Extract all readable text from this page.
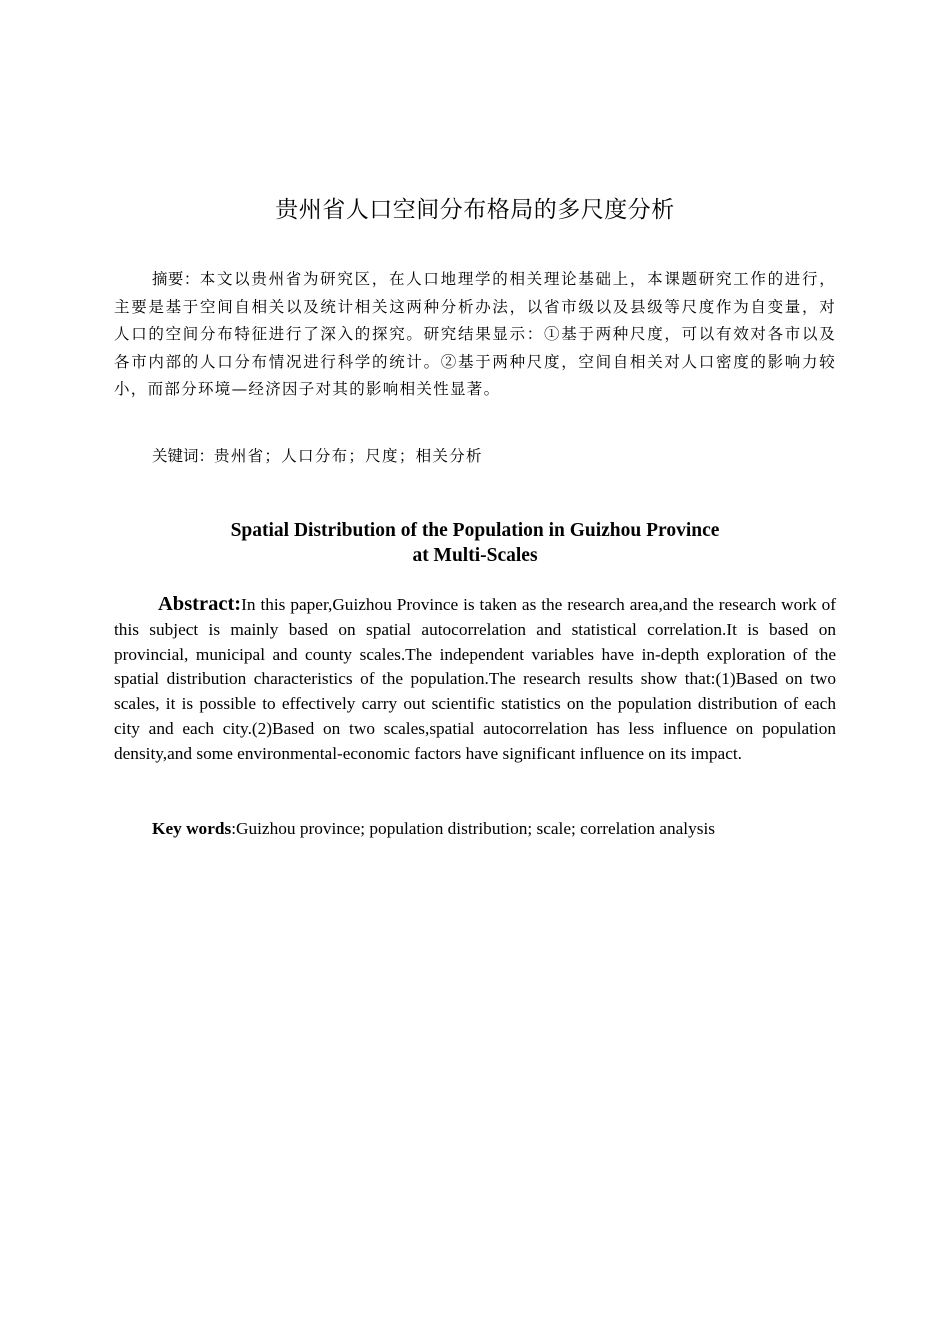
贵州省人口空间分布格局的多尺度分析
摘要：本文以贵州省为研究区，在人口地理学的相关理论基础上，本课题研究工作的进行，主要是基于空间自相关以及统计相关这两种分析办法，以省市级以及县级等尺度作为自变量，对人口的空间分布特征进行了深入的探究。研究结果显示：①基于两种尺度，可以有效对各市以及各市内部的人口分布情况进行科学的统计。②基于两种尺度，空间自相关对人口密度的影响力较小，而部分环境—经济因子对其的影响相关性显著。
关键词：贵州省；人口分布；尺度；相关分析
Spatial Distribution of the Population in Guizhou Province
at Multi-Scales
Abstract:In this paper,Guizhou Province is taken as the research area,and the research work of this subject is mainly based on spatial autocorrelation and statistical correlation.It is based on provincial, municipal and county scales.The independent variables have in-depth exploration of the spatial distribution characteristics of the population.The research results show that:(1)Based on two scales, it is possible to effectively carry out scientific statistics on the population distribution of each city and each city.(2)Based on two scales,spatial autocorrelation has less influence on population density,and some environmental-economic factors have significant influence on its impact.
Key words:Guizhou province; population distribution; scale; correlation analysis
